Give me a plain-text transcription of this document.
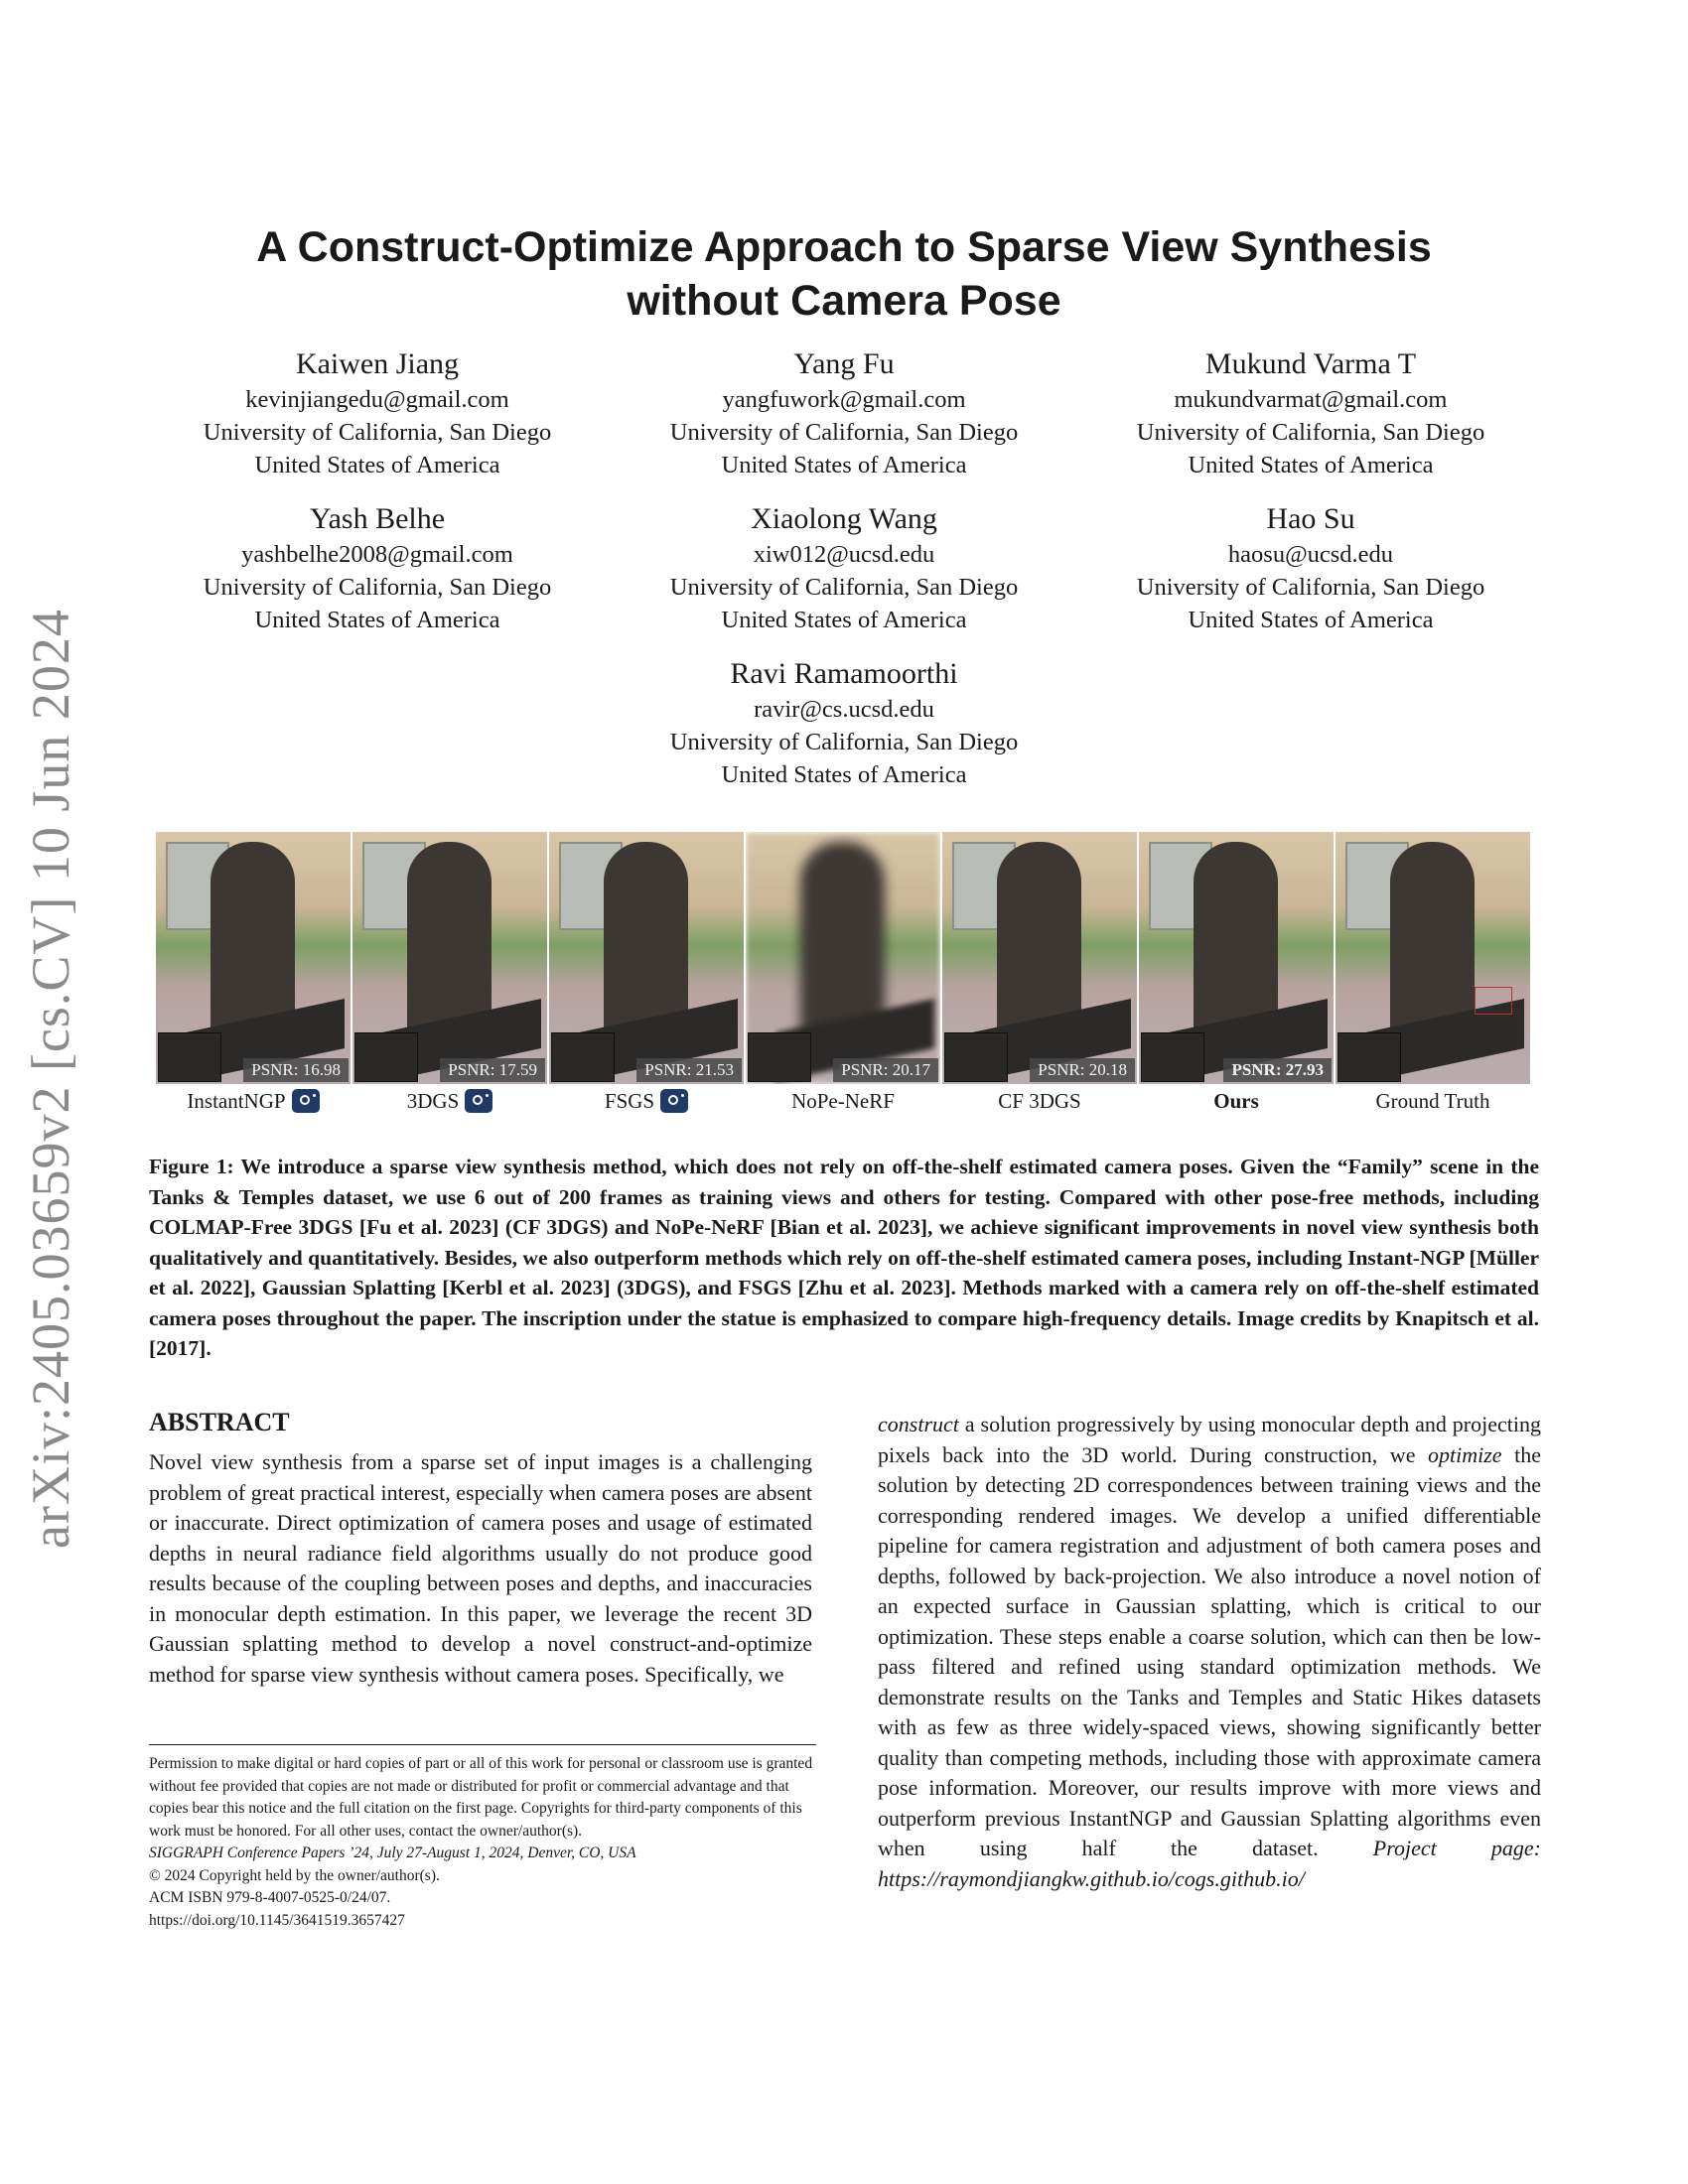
arXiv:2405.03659v2 [cs.CV] 10 Jun 2024
A Construct-Optimize Approach to Sparse View Synthesis
without Camera Pose
Kaiwen Jiang
kevinjiangedu@gmail.com
University of California, San Diego
United States of America
Yang Fu
yangfuwork@gmail.com
University of California, San Diego
United States of America
Mukund Varma T
mukundvarmat@gmail.com
University of California, San Diego
United States of America
Yash Belhe
yashbelhe2008@gmail.com
University of California, San Diego
United States of America
Xiaolong Wang
xiw012@ucsd.edu
University of California, San Diego
United States of America
Hao Su
haosu@ucsd.edu
University of California, San Diego
United States of America
Ravi Ramamoorthi
ravir@cs.ucsd.edu
University of California, San Diego
United States of America
PSNR: 16.98	PSNR: 17.59	PSNR: 21.53	PSNR: 20.17	PSNR: 20.18	PSNR: 27.93
InstantNGP	3DGS	FSGS	NoPe-NeRF	CF 3DGS	Ours	Ground Truth
Figure 1: We introduce a sparse view synthesis method, which does not rely on off-the-shelf estimated camera poses. Given the “Family” scene in the Tanks & Temples dataset, we use 6 out of 200 frames as training views and others for testing. Compared with other pose-free methods, including COLMAP-Free 3DGS [Fu et al. 2023] (CF 3DGS) and NoPe-NeRF [Bian et al. 2023], we achieve significant improvements in novel view synthesis both qualitatively and quantitatively. Besides, we also outperform methods which rely on off-the-shelf estimated camera poses, including Instant-NGP [Müller et al. 2022], Gaussian Splatting [Kerbl et al. 2023] (3DGS), and FSGS [Zhu et al. 2023]. Methods marked with a camera rely on off-the-shelf estimated camera poses throughout the paper. The inscription under the statue is emphasized to compare high-frequency details. Image credits by Knapitsch et al. [2017].
ABSTRACT
Novel view synthesis from a sparse set of input images is a challenging problem of great practical interest, especially when camera poses are absent or inaccurate. Direct optimization of camera poses and usage of estimated depths in neural radiance field algorithms usually do not produce good results because of the coupling between poses and depths, and inaccuracies in monocular depth estimation. In this paper, we leverage the recent 3D Gaussian splatting method to develop a novel construct-and-optimize method for sparse view synthesis without camera poses. Specifically, we
construct a solution progressively by using monocular depth and projecting pixels back into the 3D world. During construction, we optimize the solution by detecting 2D correspondences between training views and the corresponding rendered images. We develop a unified differentiable pipeline for camera registration and adjustment of both camera poses and depths, followed by back-projection. We also introduce a novel notion of an expected surface in Gaussian splatting, which is critical to our optimization. These steps enable a coarse solution, which can then be low-pass filtered and refined using standard optimization methods. We demonstrate results on the Tanks and Temples and Static Hikes datasets with as few as three widely-spaced views, showing significantly better quality than competing methods, including those with approximate camera pose information. Moreover, our results improve with more views and outperform previous InstantNGP and Gaussian Splatting algorithms even when using half the dataset. Project page: https://raymondjiangkw.github.io/cogs.github.io/
Permission to make digital or hard copies of part or all of this work for personal or classroom use is granted without fee provided that copies are not made or distributed for profit or commercial advantage and that copies bear this notice and the full citation on the first page. Copyrights for third-party components of this work must be honored. For all other uses, contact the owner/author(s).
SIGGRAPH Conference Papers ’24, July 27-August 1, 2024, Denver, CO, USA
© 2024 Copyright held by the owner/author(s).
ACM ISBN 979-8-4007-0525-0/24/07.
https://doi.org/10.1145/3641519.3657427
